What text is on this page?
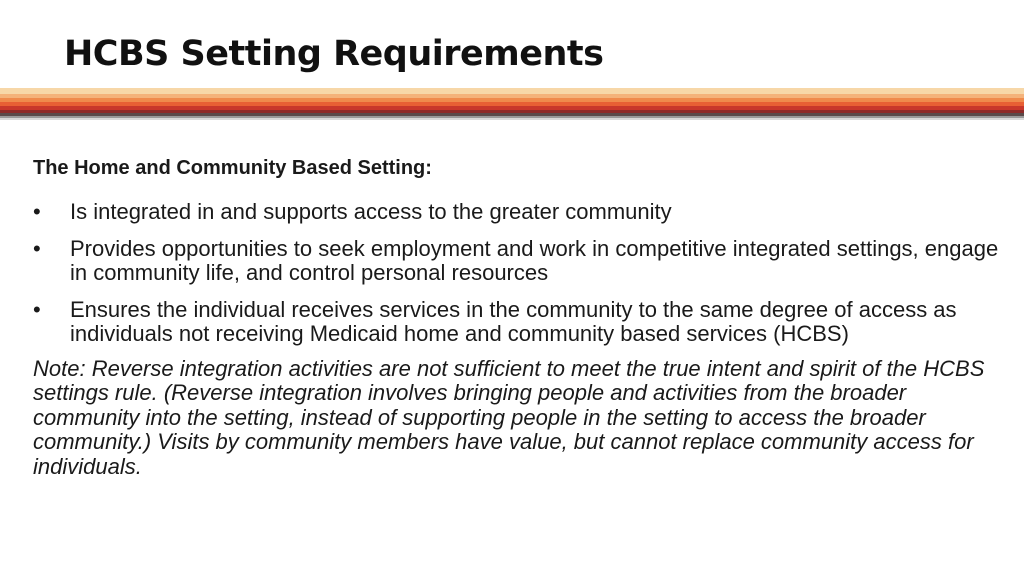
HCBS Setting Requirements
The Home and Community Based Setting:
• Is integrated in and supports access to the greater community
• Provides opportunities to seek employment and work in competitive integrated settings, engage in community life, and control personal resources
• Ensures the individual receives services in the community to the same degree of access as individuals not receiving Medicaid home and community based services (HCBS)

Note: Reverse integration activities are not sufficient to meet the true intent and spirit of the HCBS settings rule. (Reverse integration involves bringing people and activities from the broader community into the setting, instead of supporting people in the setting to access the broader community.) Visits by community members have value, but cannot replace community access for individuals.
